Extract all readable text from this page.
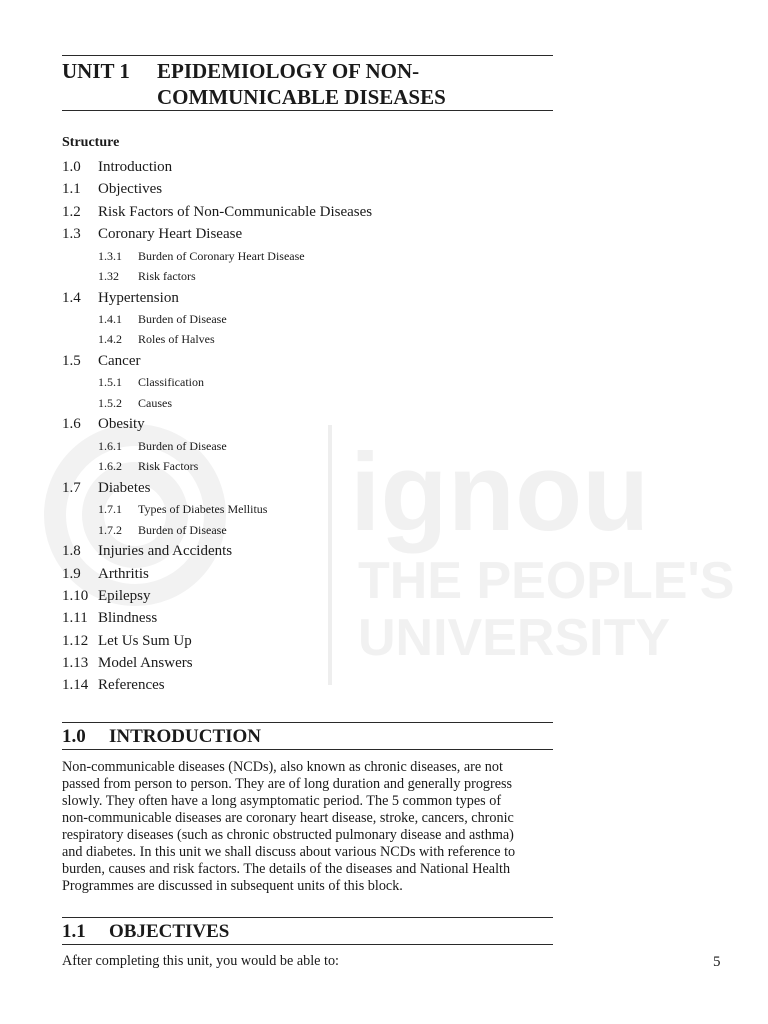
ignou
THE PEOPLE'S
UNIVERSITY
UNIT 1 EPIDEMIOLOGY OF NON-
COMMUNICABLE DISEASES
Structure
1.0 Introduction
1.1 Objectives
1.2 Risk Factors of Non-Communicable Diseases
1.3 Coronary Heart Disease
1.3.1 Burden of Coronary Heart Disease
1.32 Risk factors
1.4 Hypertension
1.4.1 Burden of Disease
1.4.2 Roles of Halves
1.5 Cancer
1.5.1 Classification
1.5.2 Causes
1.6 Obesity
1.6.1 Burden of Disease
1.6.2 Risk Factors
1.7 Diabetes
1.7.1 Types of Diabetes Mellitus
1.7.2 Burden of Disease
1.8 Injuries and Accidents
1.9 Arthritis
1.10 Epilepsy
1.11 Blindness
1.12 Let Us Sum Up
1.13 Model Answers
1.14 References
1.0 INTRODUCTION
Non-communicable diseases (NCDs), also known as chronic diseases, are not
passed from person to person. They are of long duration and generally progress
slowly. They often have a long asymptomatic period. The 5 common types of
non-communicable diseases are coronary heart disease, stroke, cancers, chronic
respiratory diseases (such as chronic obstructed pulmonary disease and asthma)
and diabetes. In this unit we shall discuss about various NCDs with reference to
burden, causes and risk factors. The details of the diseases and National Health
Programmes are discussed in subsequent units of this block.
1.1 OBJECTIVES
After completing this unit, you would be able to:	5
